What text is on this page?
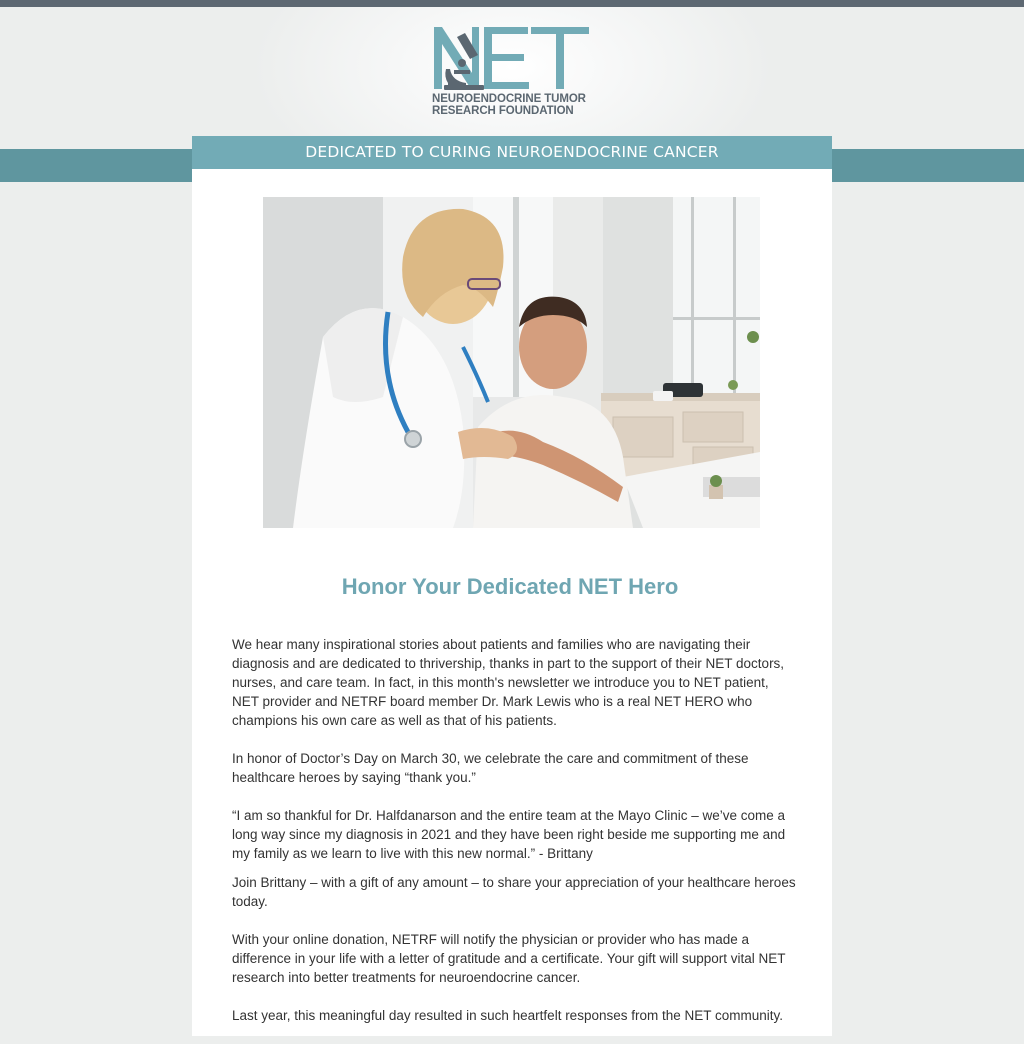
NEUROENDOCRINE TUMOR
RESEARCH FOUNDATION
DEDICATED TO CURING NEUROENDOCRINE CANCER
Honor Your Dedicated NET Hero

We hear many inspirational stories about patients and families who are navigating their diagnosis and are dedicated to thrivership, thanks in part to the support of their NET doctors, nurses, and care team. In fact, in this month's newsletter we introduce you to NET patient, NET provider and NETRF board member Dr. Mark Lewis who is a real NET HERO who champions his own care as well as that of his patients.

In honor of Doctor’s Day on March 30, we celebrate the care and commitment of these healthcare heroes by saying “thank you.”

“I am so thankful for Dr. Halfdanarson and the entire team at the Mayo Clinic – we’ve come a long way since my diagnosis in 2021 and they have been right beside me supporting me and my family as we learn to live with this new normal.” - Brittany

Join Brittany – with a gift of any amount – to share your appreciation of your healthcare heroes today.

With your online donation, NETRF will notify the physician or provider who has made a difference in your life with a letter of gratitude and a certificate. Your gift will support vital NET research into better treatments for neuroendocrine cancer.

Last year, this meaningful day resulted in such heartfelt responses from the NET community.
